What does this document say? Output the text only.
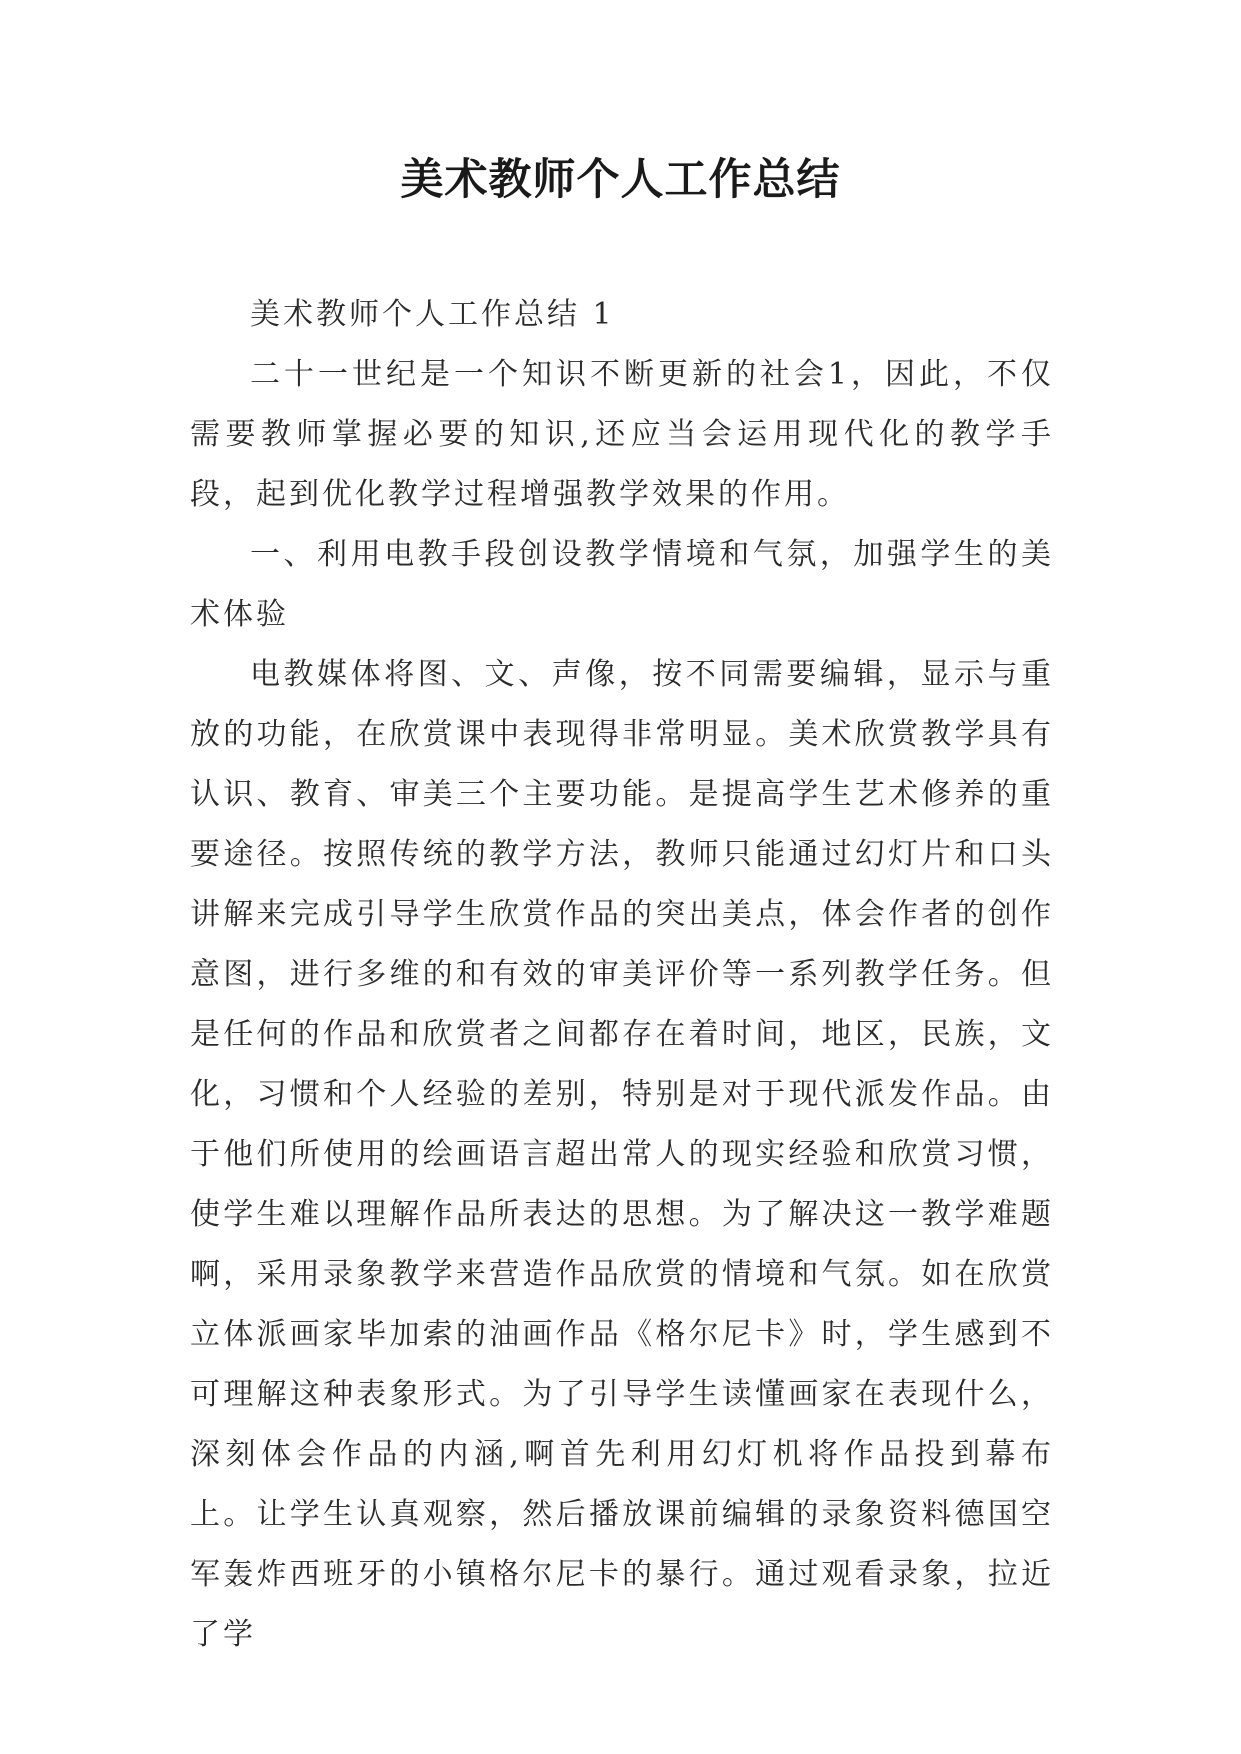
美术教师个人工作总结

美术教师个人工作总结 1

二十一世纪是一个知识不断更新的社会1，因此，不仅需要教师掌握必要的知识,还应当会运用现代化的教学手段，起到优化教学过程增强教学效果的作用。

一、利用电教手段创设教学情境和气氛，加强学生的美术体验

电教媒体将图、文、声像，按不同需要编辑，显示与重放的功能，在欣赏课中表现得非常明显。美术欣赏教学具有认识、教育、审美三个主要功能。是提高学生艺术修养的重要途径。按照传统的教学方法，教师只能通过幻灯片和口头讲解来完成引导学生欣赏作品的突出美点，体会作者的创作意图，进行多维的和有效的审美评价等一系列教学任务。但是任何的作品和欣赏者之间都存在着时间，地区，民族，文化，习惯和个人经验的差别，特别是对于现代派发作品。由于他们所使用的绘画语言超出常人的现实经验和欣赏习惯，使学生难以理解作品所表达的思想。为了解决这一教学难题啊，采用录象教学来营造作品欣赏的情境和气氛。如在欣赏立体派画家毕加索的油画作品《格尔尼卡》时，学生感到不可理解这种表象形式。为了引导学生读懂画家在表现什么，深刻体会作品的内涵,啊首先利用幻灯机将作品投到幕布上。让学生认真观察，然后播放课前编辑的录象资料德国空军轰炸西班牙的小镇格尔尼卡的暴行。通过观看录象，拉近了学
